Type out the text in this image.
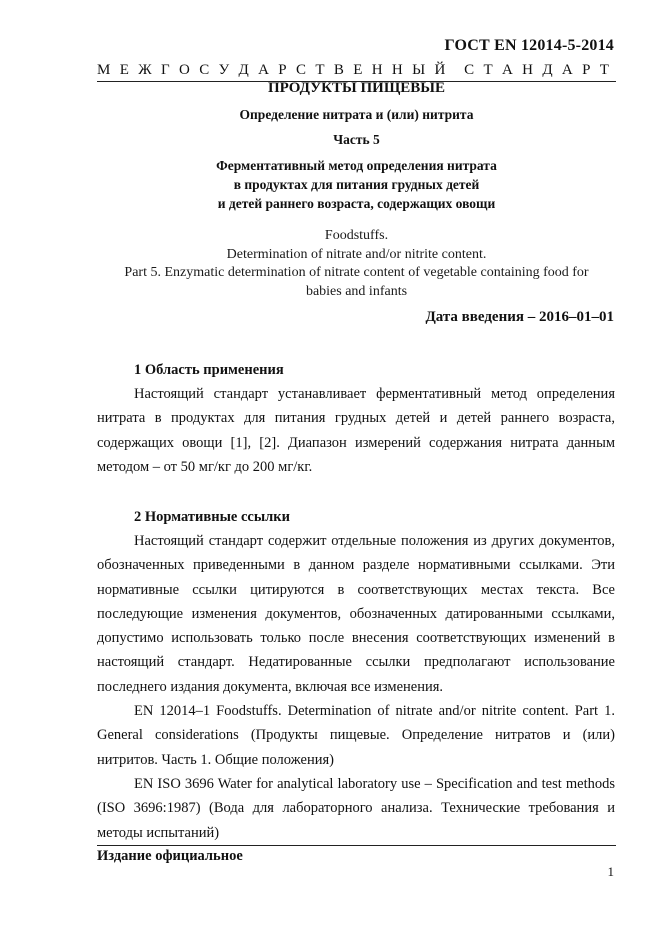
ГОСТ EN 12014-5-2014
М Е Ж Г О С У Д А Р С Т В Е Н Н Ы Й С Т А Н Д А Р Т
ПРОДУКТЫ ПИЩЕВЫЕ
Определение нитрата и (или) нитрита
Часть 5
Ферментативный метод определения нитрата
в продуктах для питания грудных детей
и детей раннего возраста, содержащих овощи
Foodstuffs.
Determination of nitrate and/or nitrite content.
Part 5. Enzymatic determination of nitrate content of vegetable containing food for
babies and infants
Дата введения – 2016–01–01
1 Область применения

Настоящий стандарт устанавливает ферментативный метод определения нитрата в продуктах для питания грудных детей и детей раннего возраста, содержащих овощи [1], [2]. Диапазон измерений содержания нитрата данным методом – от 50 мг/кг до 200 мг/кг.

2 Нормативные ссылки

Настоящий стандарт содержит отдельные положения из других документов, обозначенных приведенными в данном разделе нормативными ссылками. Эти нормативные ссылки цитируются в соответствующих местах текста. Все последующие изменения документов, обозначенных датированными ссылками, допустимо использовать только после внесения соответствующих изменений в настоящий стандарт. Недатированные ссылки предполагают использование последнего издания документа, включая все изменения.

EN 12014–1 Foodstuffs. Determination of nitrate and/or nitrite content. Part 1. General considerations (Продукты пищевые. Определение нитратов и (или) нитритов. Часть 1. Общие положения)

EN ISO 3696 Water for analytical laboratory use – Specification and test methods (ISO 3696:1987) (Вода для лабораторного анализа. Технические требования и методы испытаний)

Издание официальное
1
